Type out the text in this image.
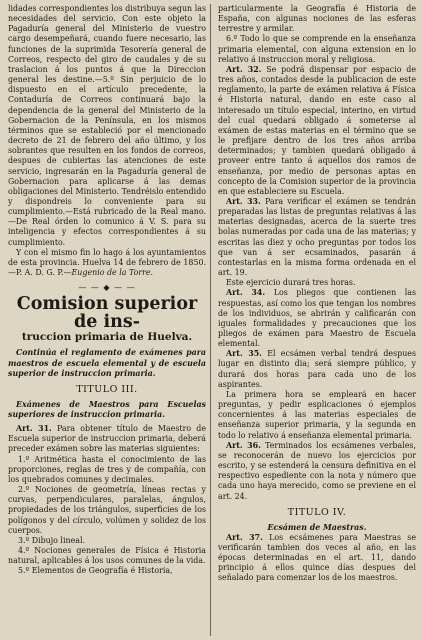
lidades correspondientes los distribuya segun las necesidades del servicio. Con este objeto la Pagaduría general del Ministerio de vuestro cargo desempeñará, cuando fuere necesario, las funciones de la suprimida Tesorería general de Correos, respecto del giro de caudales y de su traslacion á los puntos á que la Direccion general les destine.—5.º Sin perjuicio de lo dispuesto en el artículo precedente, la Contaduría de Correos continuará bajo la dependencia de la general del Ministerio de la Gobernacion de la Península, en los mismos términos que se estableció por el mencionado decreto de 21 de febrero del año último, y los sobrantes que resulten en los fondos de correos, despues de cubiertas las atenciones de este servicio, ingresarán en la Pagaduría general de Gobernacion para aplicarse á las demas obligaciones del Ministerio. Tendréislo entendido y dispondreis lo conveniente para su cumplimiento.—Está rubricado de la Real mano.—De Real órden lo comunico á V. S. para su inteligencia y efectos correspondientes á su cumplimiento.

Y con el mismo fin lo hago á los ayuntamientos de esta provincia. Huelva 14 de febrero de 1850.—P. A. D. G. P.—Eugenio de la Torre.

— — ◆ — —
Comision superior de ins-
truccion primaria de Huelva.

Continúa el reglamento de exámenes para maestros de escuela elemental y de escuela superior de instruccion primaria.

TITULO III.

Exámenes de Maestros para Escuelas superiores de instruccion primaria.

Art. 31. Para obtener título de Maestro de Escuela superior de instruccion primaria, deberá preceder exámen sobre las materias siguientes:

1.º Aritmética hasta el conocimiento de las proporciones, reglas de tres y de compañía, con los quebrados comunes y decimales.

2.º Nociones de geometría, líneas rectas y curvas, perpendiculares, paralelas, ángulos, propiedades de los triángulos, superficies de los polígonos y del círculo, volúmen y solidez de los cuerpos.

3.º Dibujo lineal.

4.º Nociones generales de Física é Historia natural, aplicables á los usos comunes de la vida.

5.º Elementos de Geografía é Historia,

particularmente la Geografía é Historia de España, con algunas nociones de las esferas terrestre y armilar.

6.º Todo lo que se comprende en la enseñanza primaria elemental, con alguna extension en lo relativo á instruccion moral y religiosa.

Art. 32. Se podrá dispensar por espacio de tres años, contados desde la publicacion de este reglamento, la parte de exámen relativa á Física é Historia natural, dando en este caso al interesado un título especial, interino, en virtud del cual quedará obligado á someterse al exámen de estas materias en el término que se le prefijare dentro de los tres años arriba determinados; y tambien quedará obligado á proveer entre tanto á aquellos dos ramos de enseñanza, por medio de personas aptas en concepto de la Comision superior de la provincia en que estableciere su Escuela.

Art. 33. Para verificar el exámen se tendrán preparadas las listas de preguntas relativas á las materias designadas, acerca de la suerte tres bolas numeradas por cada una de las materias; y escritas las diez y ocho preguntas por todos los que van á ser ecsaminados, pasarán á contestarlas en la misma forma ordenada en el art. 19.

Este ejercicio durará tres horas.

Art. 34. Los pliegos que contienen las respuestas, así como los que tengan los nombres de los individuos, se abrirán y calificarán con iguales formalidades y precauciones que los pliegos de exámen para Maestro de Escuela elemental.

Art. 35. El ecsámen verbal tendrá despues lugar en distinto dia; será siempre público, y durará dos horas para cada uno de los aspirantes.

La primera hora se empleará en hacer preguntas, y pedir esplicaciones ó ejemplos concernientes á las materias especiales de enseñanza superior primaria, y la segunda en todo lo relativo á enseñanza elemental primaria.

Art. 36. Terminados los ecsámenes verbales, se reconocerán de nuevo los ejercicios por escrito, y se estenderá la censura definitiva en el respectivo espediente con la nota y número que cada uno haya merecido, como se previene en el art. 24.

TITULO IV.

Ecsámen de Maestras.

Art. 37. Los ecsámenes para Maestras se verificarán tambien dos veces al año, en las épocas determinadas en el art. 11, dando principio á ellos quince días despues del señalado para comenzar los de los maestros.
